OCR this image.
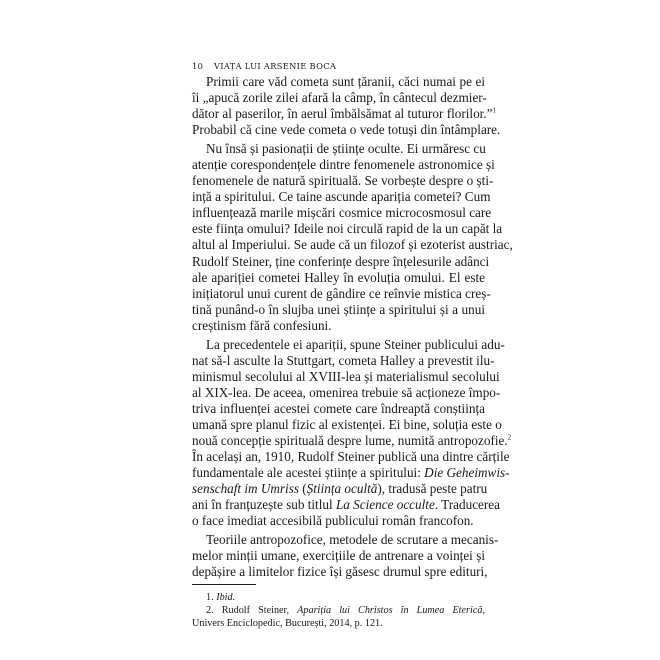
10 VIAȚA LUI ARSENIE BOCA

Primii care văd cometa sunt țăranii, căci numai pe ei
îi „apucă zorile zilei afară la câmp, în cântecul dezmier-
dător al paserilor, în aerul îmbălsămat al tuturor florilor.”$^1$
Probabil că cine vede cometa o vede totuși din întâmplare.

Nu însă și pasionații de științe oculte. Ei urmăresc cu
atenție corespondențele dintre fenomenele astronomice și
fenomenele de natură spirituală. Se vorbește despre o ști-
ință a spiritului. Ce taine ascunde apariția cometei? Cum
influențează marile mișcări cosmice microcosmosul care
este ființa omului? Ideile noi circulă rapid de la un capăt la
altul al Imperiului. Se aude că un filozof și ezoterist austriac,
Rudolf Steiner, ține conferințe despre înțelesurile adânci
ale apariției cometei Halley în evoluția omului. El este
inițiatorul unui curent de gândire ce reînvie mistica creș-
tină punând-o în slujba unei științe a spiritului și a unui
creștinism fără confesiuni.

La precedentele ei apariții, spune Steiner publicului adu-
nat să-l asculte la Stuttgart, cometa Halley a prevestit ilu-
minismul secolului al XVIII-lea și materialismul secolului
al XIX-lea. De aceea, omenirea trebuie să acționeze împo-
triva influenței acestei comete care îndreaptă conștiința
umană spre planul fizic al existenței. Ei bine, soluția este o
nouă concepție spirituală despre lume, numită antropozofie.$^2$
În același an, 1910, Rudolf Steiner publică una dintre cărțile
fundamentale ale acestei științe a spiritului: Die Geheimwis-
senschaft im Umriss (Știința ocultă), tradusă peste patru
ani în franțuzește sub titlul La Science occulte. Traducerea
o face imediat accesibilă publicului român francofon.

Teoriile antropozofice, metodele de scrutare a mecanis-
melor minții umane, exercițiile de antrenare a voinței și
depășire a limitelor fizice își găsesc drumul spre edituri,

1. Ibid.
2. Rudolf Steiner, Apariția lui Christos în Lumea Eterică,
Univers Enciclopedic, București, 2014, p. 121.
